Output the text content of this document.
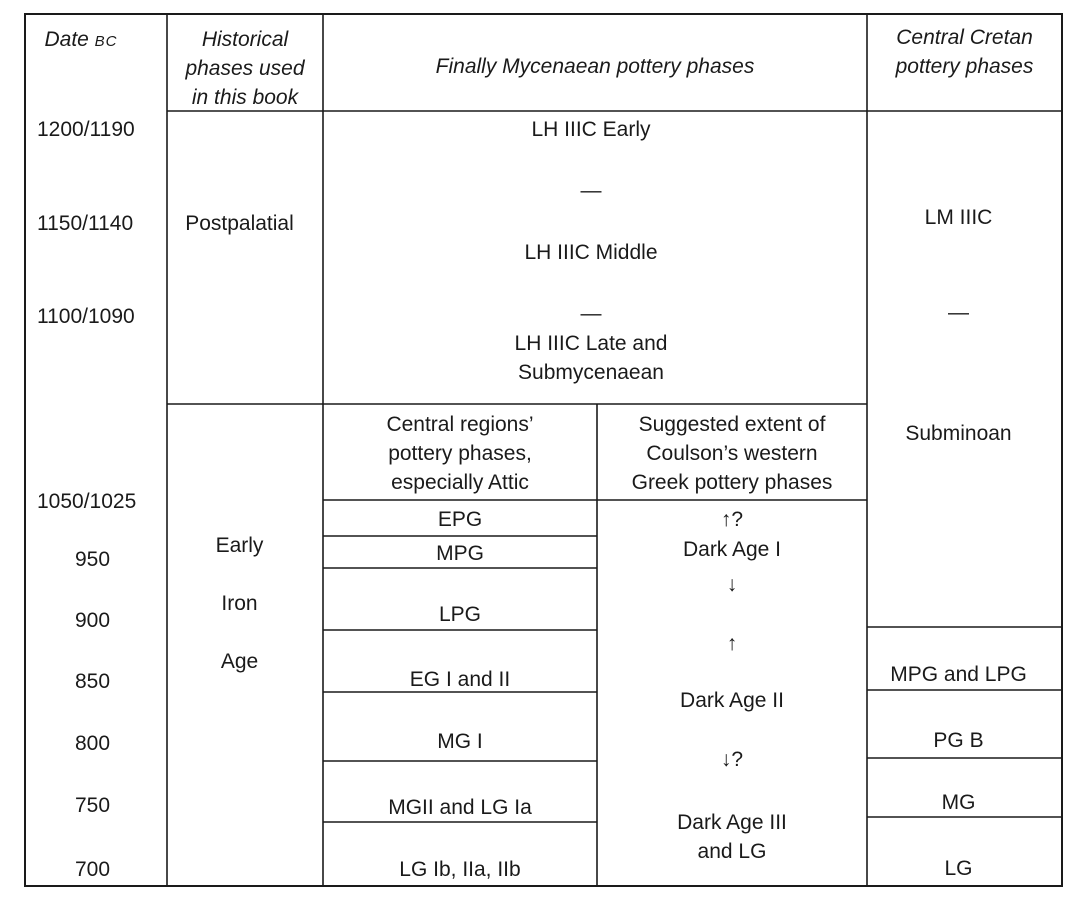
Date BC	Historical
phases used
in this book
Finally Mycenaean pottery phases
Central Cretan
pottery phases
1200/1190
1150/1140
1100/1090
1050/1025
950
900
850
800
750
700
Postpalatial
Early
Iron
Age
LH IIIC Early
—
LH IIIC Middle
—
LH IIIC Late and
Submycenaean
Central regions’
pottery phases,
especially Attic
Suggested extent of
Coulson’s western
Greek pottery phases
EPG
MPG
LPG
EG I and II
MG I
MGII and LG Ia
LG Ib, IIa, IIb
↑?
Dark Age I
↓
↑
Dark Age II
↓?
Dark Age III
and LG
LM IIIC
—
Subminoan
MPG and LPG
PG B
MG
LG
